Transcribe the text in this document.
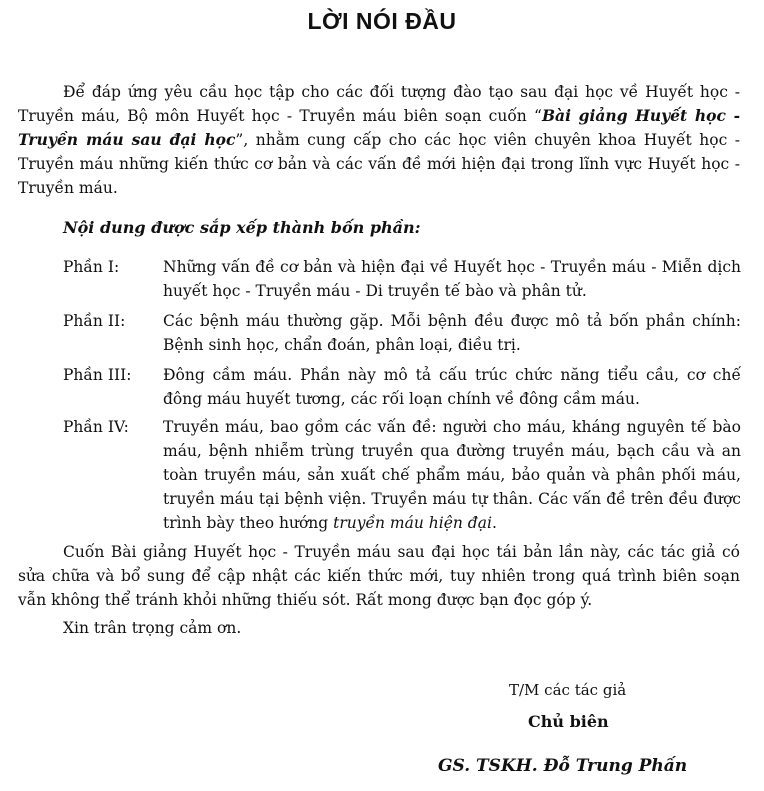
LỜI NÓI ĐẦU

Để đáp ứng yêu cầu học tập cho các đối tượng đào tạo sau đại học về Huyết học - Truyền máu, Bộ môn Huyết học - Truyền máu biên soạn cuốn “Bài giảng Huyết học - Truyền máu sau đại học”, nhằm cung cấp cho các học viên chuyên khoa Huyết học - Truyền máu những kiến thức cơ bản và các vấn đề mới hiện đại trong lĩnh vực Huyết học - Truyền máu.

Nội dung được sắp xếp thành bốn phần:
Phần I:	Những vấn đề cơ bản và hiện đại về Huyết học - Truyền máu - Miễn dịch huyết học - Truyền máu - Di truyền tế bào và phân tử.
Phần II:	Các bệnh máu thường gặp. Mỗi bệnh đều được mô tả bốn phần chính: Bệnh sinh học, chẩn đoán, phân loại, điều trị.
Phần III:	Đông cầm máu. Phần này mô tả cấu trúc chức năng tiểu cầu, cơ chế đông máu huyết tương, các rối loạn chính về đông cầm máu.
Phần IV:	Truyền máu, bao gồm các vấn đề: người cho máu, kháng nguyên tế bào máu, bệnh nhiễm trùng truyền qua đường truyền máu, bạch cầu và an toàn truyền máu, sản xuất chế phẩm máu, bảo quản và phân phối máu, truyền máu tại bệnh viện. Truyền máu tự thân. Các vấn đề trên đều được trình bày theo hướng truyền máu hiện đại.

Cuốn Bài giảng Huyết học - Truyền máu sau đại học tái bản lần này, các tác giả có sửa chữa và bổ sung để cập nhật các kiến thức mới, tuy nhiên trong quá trình biên soạn vẫn không thể tránh khỏi những thiếu sót. Rất mong được bạn đọc góp ý.

Xin trân trọng cảm ơn.
T/M các tác giả
Chủ biên
GS. TSKH. Đỗ Trung Phấn
